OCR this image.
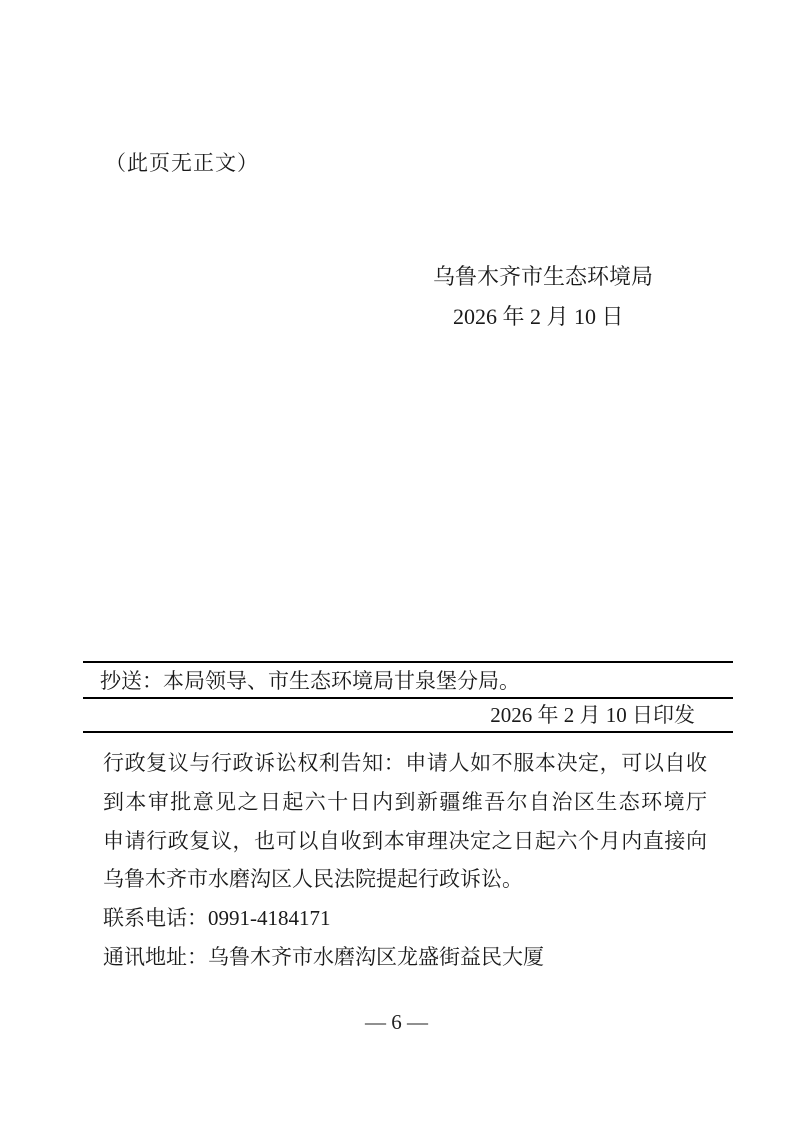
（此页无正文）
乌鲁木齐市生态环境局
2026 年 2 月 10 日
抄送：本局领导、市生态环境局甘泉堡分局。
2026 年 2 月 10 日印发
行政复议与行政诉讼权利告知：申请人如不服本决定，可以自收
到本审批意见之日起六十日内到新疆维吾尔自治区生态环境厅
申请行政复议，也可以自收到本审理决定之日起六个月内直接向
乌鲁木齐市水磨沟区人民法院提起行政诉讼。
联系电话：0991-4184171
通讯地址：乌鲁木齐市水磨沟区龙盛街益民大厦
— 6 —
